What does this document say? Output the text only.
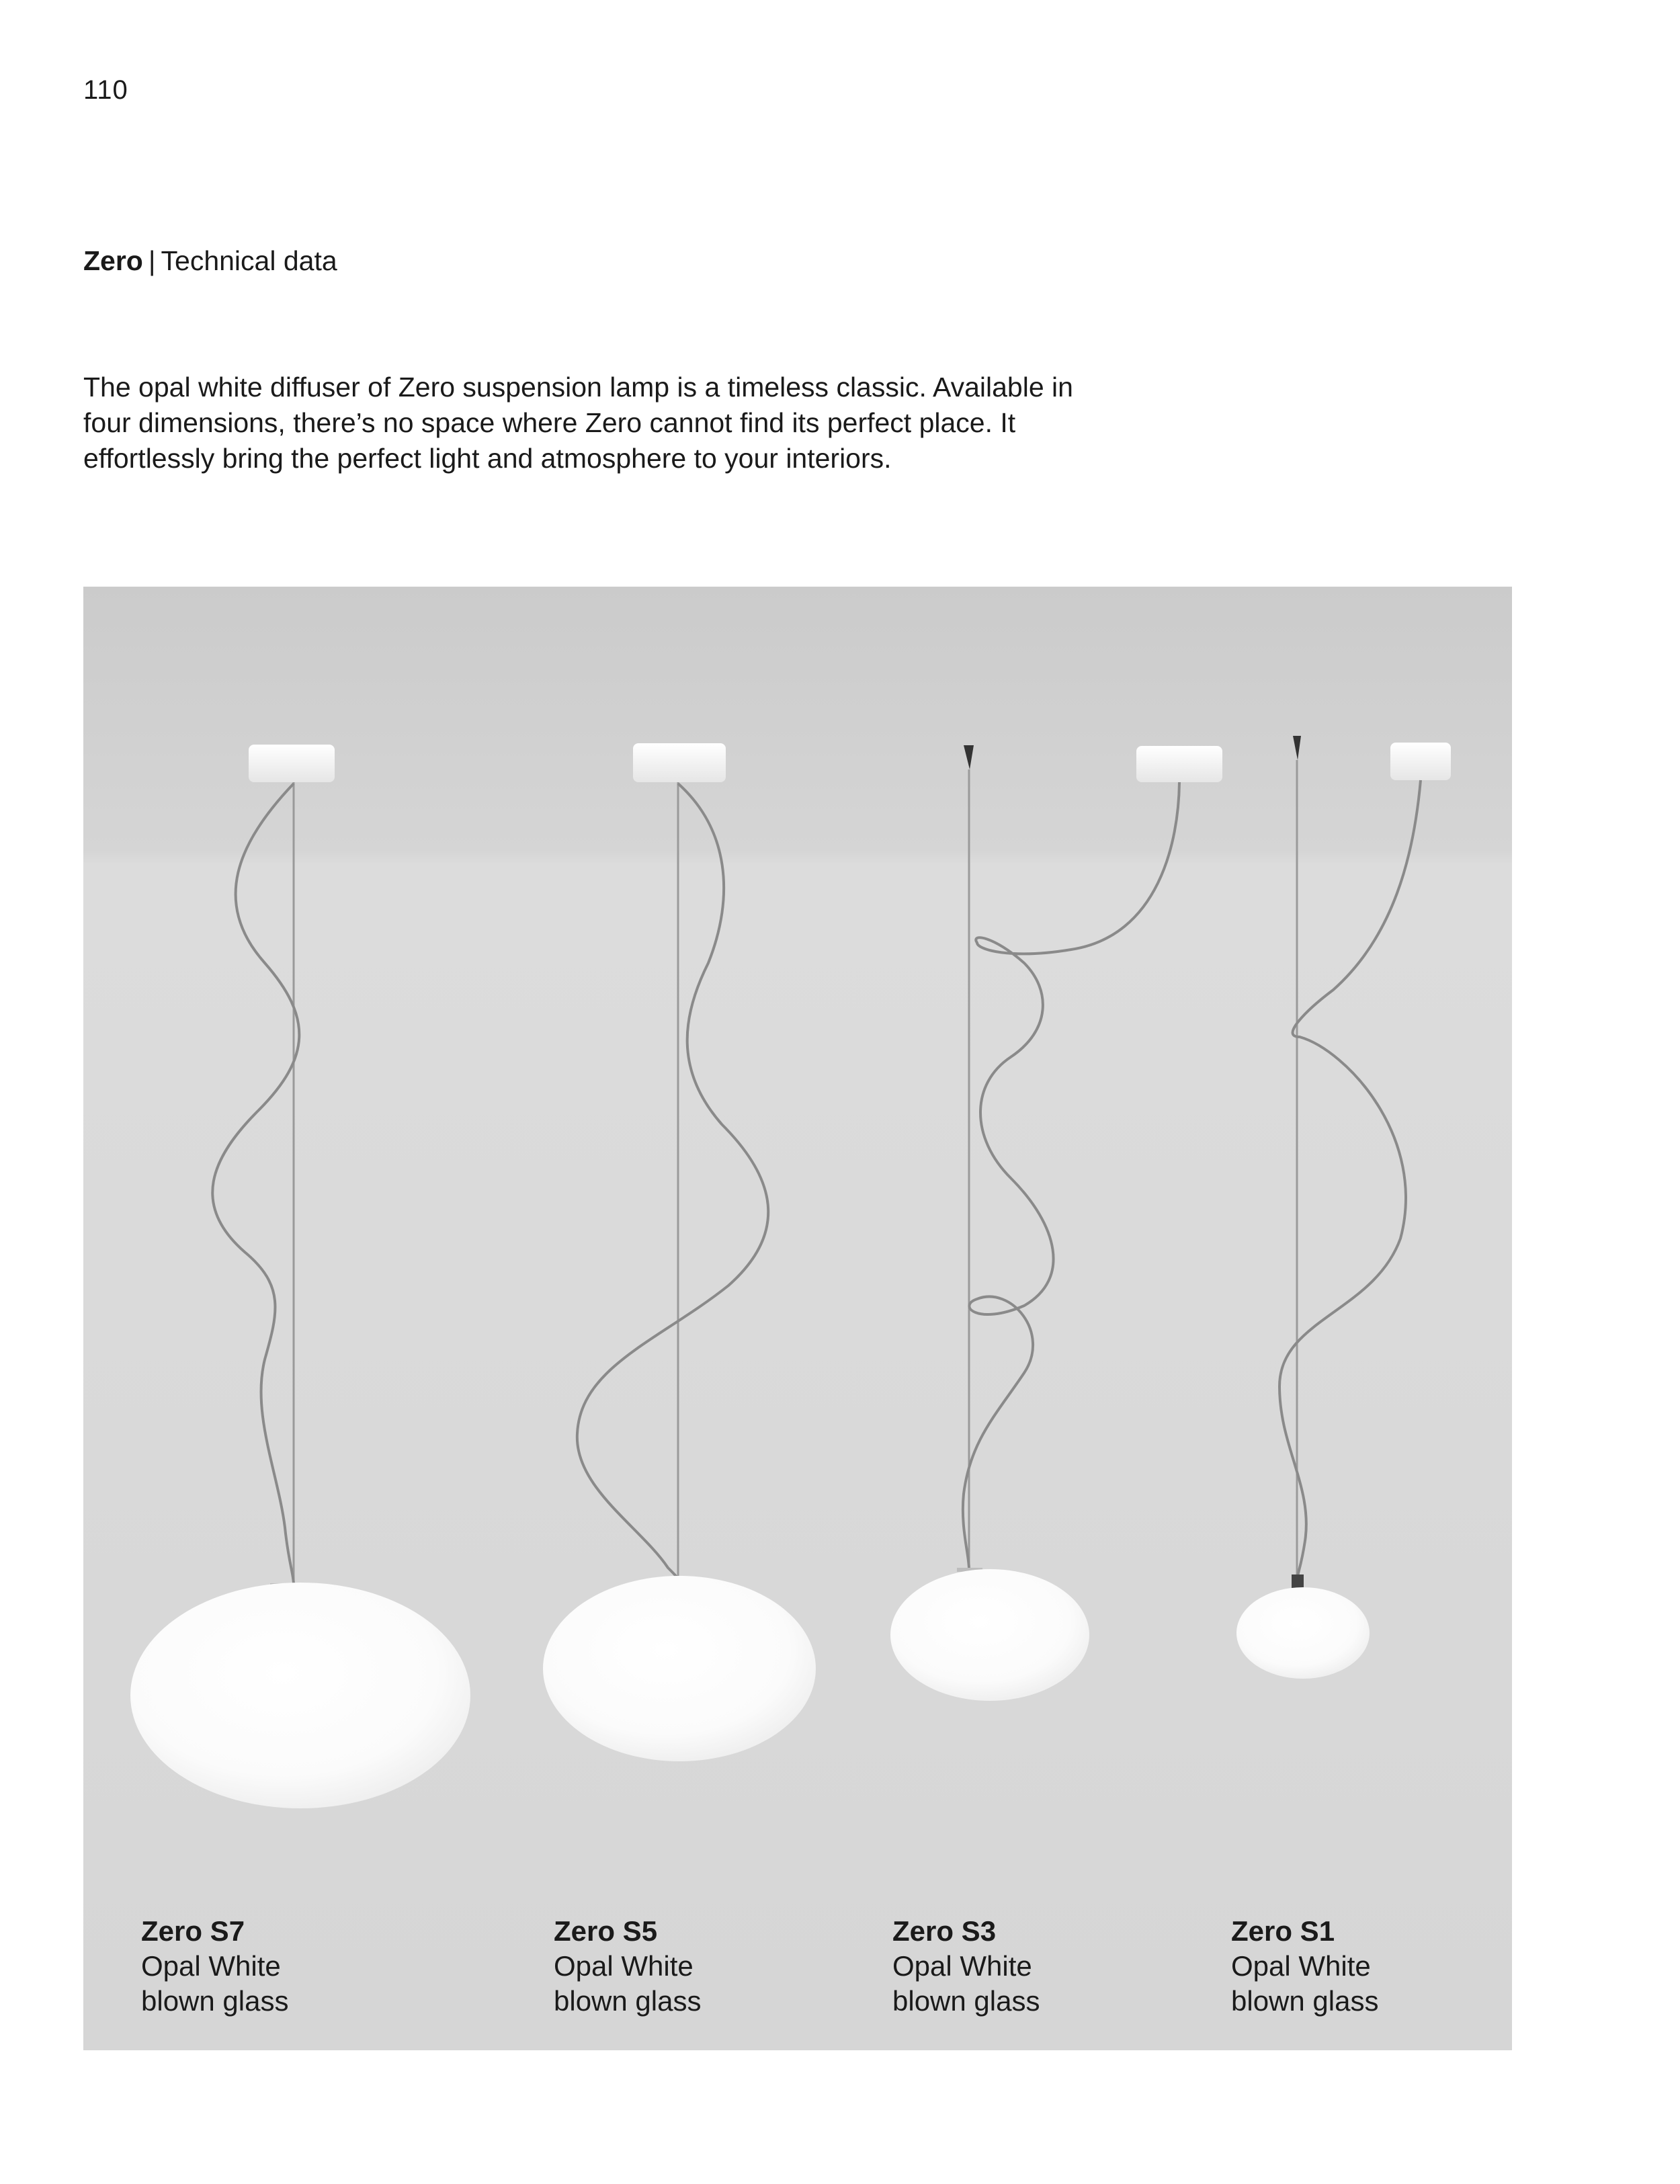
110
Zero | Technical data

The opal white diffuser of Zero suspension lamp is a timeless classic. Available in four dimensions, there’s no space where Zero cannot find its perfect place. It effortlessly bring the perfect light and atmosphere to your interiors.

Zero S7
Opal White
blown glass
Zero S5
Opal White
blown glass
Zero S3
Opal White
blown glass
Zero S1
Opal White
blown glass
